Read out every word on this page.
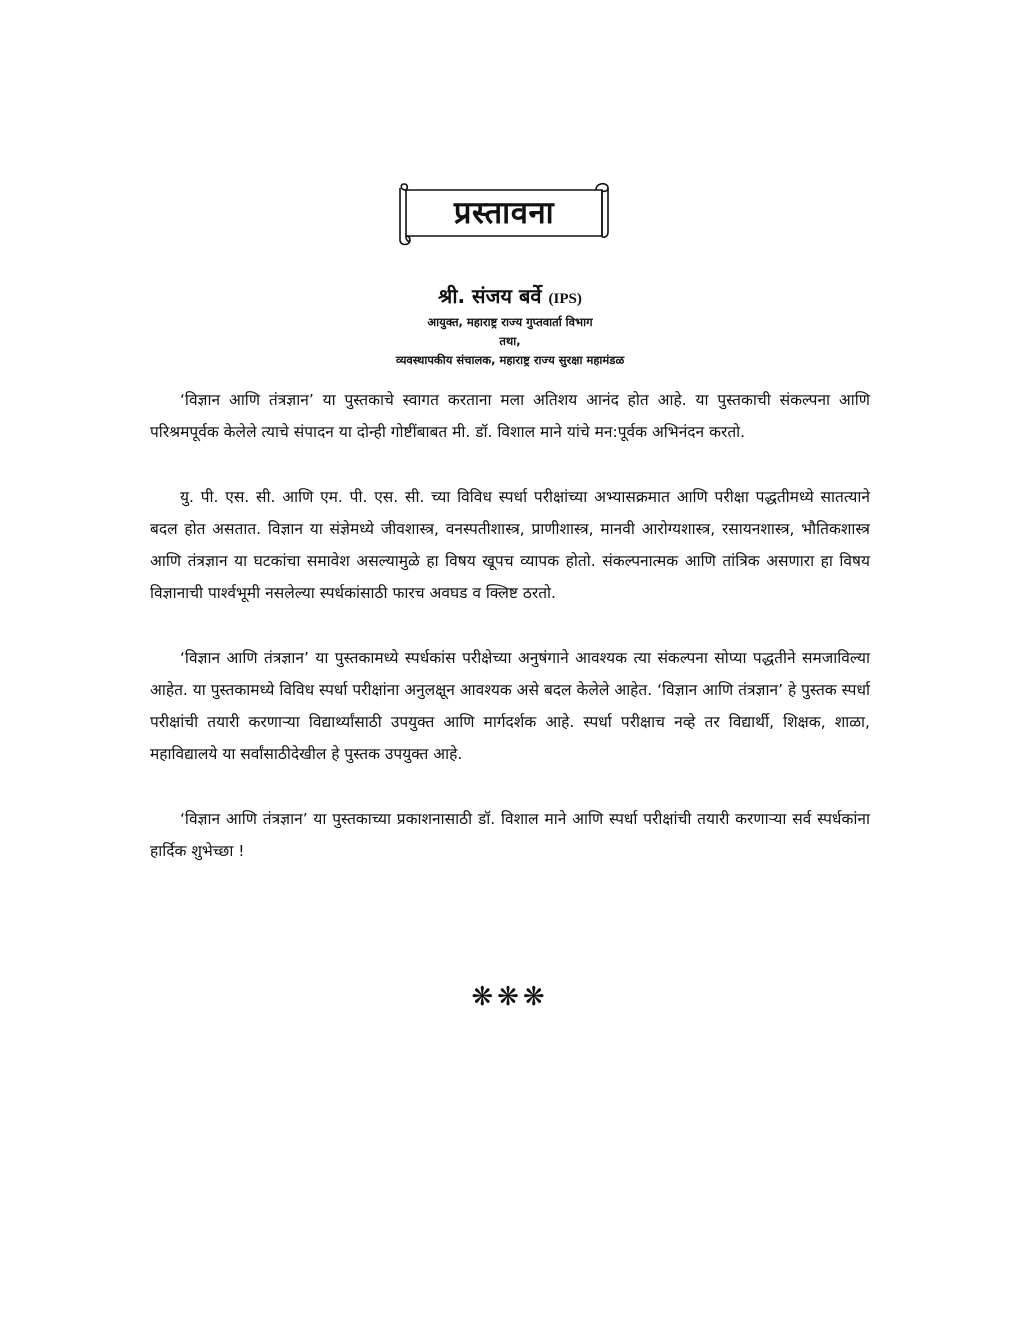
प्रस्तावना
श्री. संजय बर्वे (IPS)
आयुक्त, महाराष्ट्र राज्य गुप्तवार्ता विभाग
तथा,
व्यवस्थापकीय संचालक, महाराष्ट्र राज्य सुरक्षा महामंडळ

‘विज्ञान आणि तंत्रज्ञान’ या पुस्तकाचे स्वागत करताना मला अतिशय आनंद होत आहे. या पुस्तकाची संकल्पना आणि परिश्रमपूर्वक केलेले त्याचे संपादन या दोन्ही गोष्टींबाबत मी. डॉ. विशाल माने यांचे मन:पूर्वक अभिनंदन करतो.

यु. पी. एस. सी. आणि एम. पी. एस. सी. च्या विविध स्पर्धा परीक्षांच्या अभ्यासक्रमात आणि परीक्षा पद्धतीमध्ये सातत्याने बदल होत असतात. विज्ञान या संज्ञेमध्ये जीवशास्त्र, वनस्पतीशास्त्र, प्राणीशास्त्र, मानवी आरोग्यशास्त्र, रसायनशास्त्र, भौतिकशास्त्र आणि तंत्रज्ञान या घटकांचा समावेश असल्यामुळे हा विषय खूपच व्यापक होतो. संकल्पनात्मक आणि तांत्रिक असणारा हा विषय विज्ञानाची पार्श्वभूमी नसलेल्या स्पर्धकांसाठी फारच अवघड व क्लिष्ट ठरतो.

‘विज्ञान आणि तंत्रज्ञान’ या पुस्तकामध्ये स्पर्धकांस परीक्षेच्या अनुषंगाने आवश्यक त्या संकल्पना सोप्या पद्धतीने समजाविल्या आहेत. या पुस्तकामध्ये विविध स्पर्धा परीक्षांना अनुलक्षून आवश्यक असे बदल केलेले आहेत. ‘विज्ञान आणि तंत्रज्ञान’ हे पुस्तक स्पर्धा परीक्षांची तयारी करणाऱ्या विद्यार्थ्यांसाठी उपयुक्त आणि मार्गदर्शक आहे. स्पर्धा परीक्षाच नव्हे तर विद्यार्थी, शिक्षक, शाळा, महाविद्यालये या सर्वांसाठीदेखील हे पुस्तक उपयुक्त आहे.

‘विज्ञान आणि तंत्रज्ञान’ या पुस्तकाच्या प्रकाशनासाठी डॉ. विशाल माने आणि स्पर्धा परीक्षांची तयारी करणाऱ्या सर्व स्पर्धकांना हार्दिक शुभेच्छा !

❋❋❋
